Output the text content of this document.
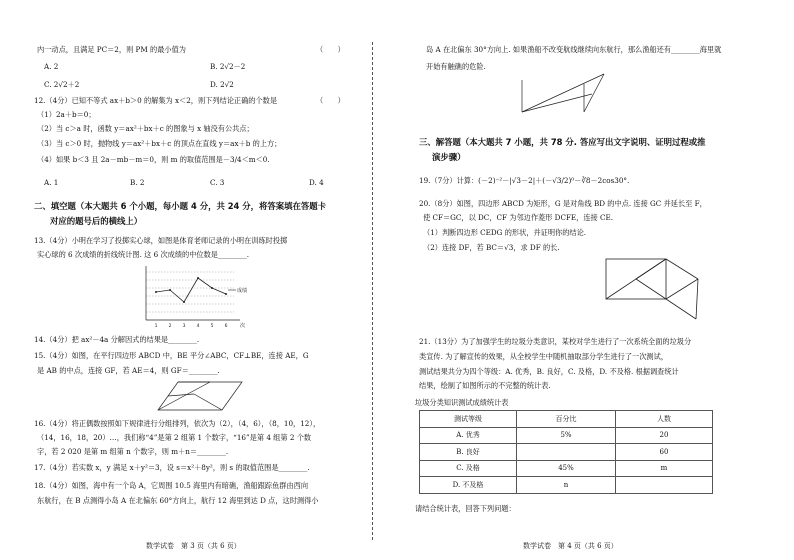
内一动点，且满足 PC＝2，则 PM 的最小值为	（　　）
A. 2	B. 2√2－2
C. 2√2＋2	D. 2√2
12.（4分）已知不等式 ax＋b＞0 的解集为 x＜2，则下列结论正确的个数是	（　　）
（1）2a＋b＝0；
（2）当 c＞a 时，函数 y＝ax²＋bx＋c 的图象与 x 轴没有公共点；
（3）当 c＞0 时，抛物线 y＝ax²＋bx＋c 的顶点在直线 y＝ax＋b 的上方；
（4）如果 b＜3 且 2a－mb－m＝0，则 m 的取值范围是－3/4＜m＜0.
A. 1	B. 2	C. 3	D. 4
二、填空题（本大题共 6 个小题，每小题 4 分，共 24 分，将答案填在答题卡
对应的题号后的横线上）
13.（4分）小明在学习了投掷实心球，如图是体育老师记录的小明在训练时投掷
实心球的 6 次成绩的折线统计图. 这 6 次成绩的中位数是________.
1 2 3 4 5 6
成绩
次
14.（4分）把 ax²－4a 分解因式的结果是________.
15.（4分）如图，在平行四边形 ABCD 中，BE 平分∠ABC，CF⊥BE，连接 AE，G
是 AB 的中点，连接 GF，若 AE＝4，则 GF＝________.
16.（4分）将正偶数按照如下规律进行分组排列，依次为（2），（4，6），（8，10，12），
（14，16，18，20）…，我们称“4”是第 2 组第 1 个数字，“16”是第 4 组第 2 个数
字，若 2 020 是第 m 组第 n 个数字，则 m＋n＝________.
17.（4分）若实数 x，y 满足 x＋y²＝3，设 s＝x²＋8y²，则 s 的取值范围是________.
18.（4分）如图，海中有一个岛 A，它周围 10.5 海里内有暗礁，渔船跟踪鱼群由西向
东航行，在 B 点测得小岛 A 在北偏东 60°方向上，航行 12 海里到达 D 点，这时测得小
数学试卷　第 3 页（共 6 页）
岛 A 在北偏东 30°方向上. 如果渔船不改变航线继续向东航行，那么渔船还有________海里就
开始有触礁的危险.
三、解答题（本大题共 7 小题，共 78 分. 答应写出文字说明、证明过程或推
演步骤）
19.（7分）计算：(－2)⁻²－|√3－2|＋(－√3/2)⁰－∛8－2cos30°.
20.（8分）如图，四边形 ABCD 为矩形，G 是对角线 BD 的中点. 连接 GC 并延长至 F，
使 CF＝GC，以 DC，CF 为邻边作菱形 DCFE，连接 CE.
（1）判断四边形 CEDG 的形状，并证明你的结论.
（2）连接 DF，若 BC＝√3，求 DF 的长.
21.（13分）为了加强学生的垃圾分类意识，某校对学生进行了一次系统全面的垃圾分
类宣传. 为了解宣传的效果，从全校学生中随机抽取部分学生进行了一次测试，
测试结果共分为四个等级：A. 优秀，B. 良好，C. 及格，D. 不及格. 根据调查统计
结果，绘制了如图所示的不完整的统计表.
垃圾分类知识测试成绩统计表
测试等级	百分比	人数
A. 优秀	5%	20
B. 良好		60
C. 及格	45%	m
D. 不及格	n	
请结合统计表，回答下列问题：
数学试卷　第 4 页（共 6 页）
